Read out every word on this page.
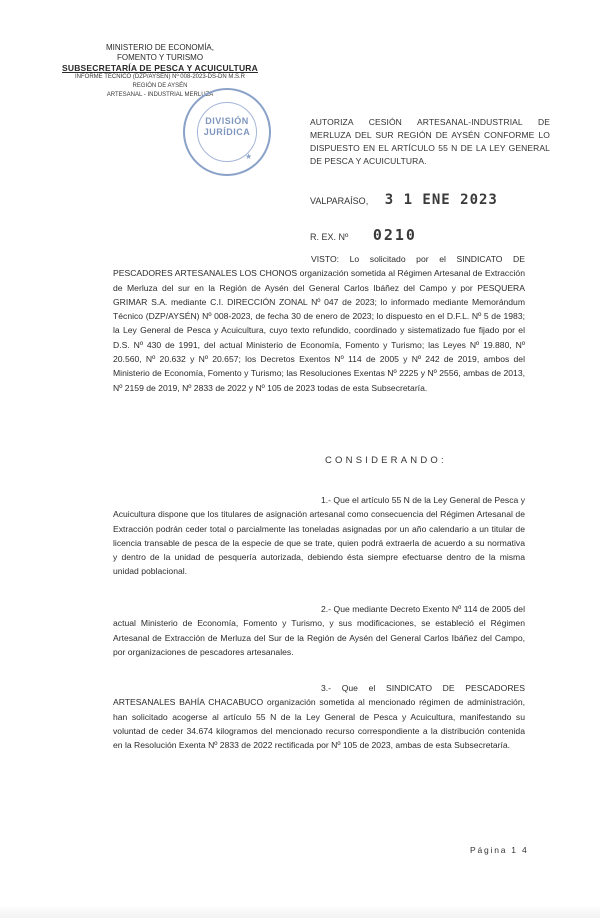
MINISTERIO DE ECONOMÍA,
FOMENTO Y TURISMO
SUBSECRETARÍA DE PESCA Y ACUICULTURA
INFORME TÉCNICO (DZP/AYSÉN) Nº 008-2023-DS-DN M.S.R
REGIÓN DE AYSÉN
ARTESANAL - INDUSTRIAL MERLUZA
DIVISIÓN
JURÍDICA
★
AUTORIZA CESIÓN ARTESANAL-INDUSTRIAL DE MERLUZA DEL SUR REGIÓN DE AYSÉN CONFORME LO DISPUESTO EN EL ARTÍCULO 55 N DE LA LEY GENERAL DE PESCA Y ACUICULTURA.
VALPARAÍSO, 3 1 ENE 2023
R. EX. Nº 0210

VISTO: Lo solicitado por el SINDICATO DE PESCADORES ARTESANALES LOS CHONOS organización sometida al Régimen Artesanal de Extracción de Merluza del sur en la Región de Aysén del General Carlos Ibáñez del Campo y por PESQUERA GRIMAR S.A. mediante C.I. DIRECCIÓN ZONAL Nº 047 de 2023; lo informado mediante Memorándum Técnico (DZP/AYSÉN) Nº 008-2023, de fecha 30 de enero de 2023; lo dispuesto en el D.F.L. Nº 5 de 1983; la Ley General de Pesca y Acuicultura, cuyo texto refundido, coordinado y sistematizado fue fijado por el D.S. Nº 430 de 1991, del actual Ministerio de Economía, Fomento y Turismo; las Leyes Nº 19.880, Nº 20.560, Nº 20.632 y Nº 20.657; los Decretos Exentos Nº 114 de 2005 y Nº 242 de 2019, ambos del Ministerio de Economía, Fomento y Turismo; las Resoluciones Exentas Nº 2225 y Nº 2556, ambas de 2013, Nº 2159 de 2019, Nº 2833 de 2022 y Nº 105 de 2023 todas de esta Subsecretaría.

CONSIDERANDO:

1.- Que el artículo 55 N de la Ley General de Pesca y Acuicultura dispone que los titulares de asignación artesanal como consecuencia del Régimen Artesanal de Extracción podrán ceder total o parcialmente las toneladas asignadas por un año calendario a un titular de licencia transable de pesca de la especie de que se trate, quien podrá extraerla de acuerdo a su normativa y dentro de la unidad de pesquería autorizada, debiendo ésta siempre efectuarse dentro de la misma unidad poblacional.

2.- Que mediante Decreto Exento Nº 114 de 2005 del actual Ministerio de Economía, Fomento y Turismo, y sus modificaciones, se estableció el Régimen Artesanal de Extracción de Merluza del Sur de la Región de Aysén del General Carlos Ibáñez del Campo, por organizaciones de pescadores artesanales.

3.- Que el SINDICATO DE PESCADORES ARTESANALES BAHÍA CHACABUCO organización sometida al mencionado régimen de administración, han solicitado acogerse al artículo 55 N de la Ley General de Pesca y Acuicultura, manifestando su voluntad de ceder 34.674 kilogramos del mencionado recurso correspondiente a la distribución contenida en la Resolución Exenta Nº 2833 de 2022 rectificada por Nº 105 de 2023, ambas de esta Subsecretaría.

Página 1 4
